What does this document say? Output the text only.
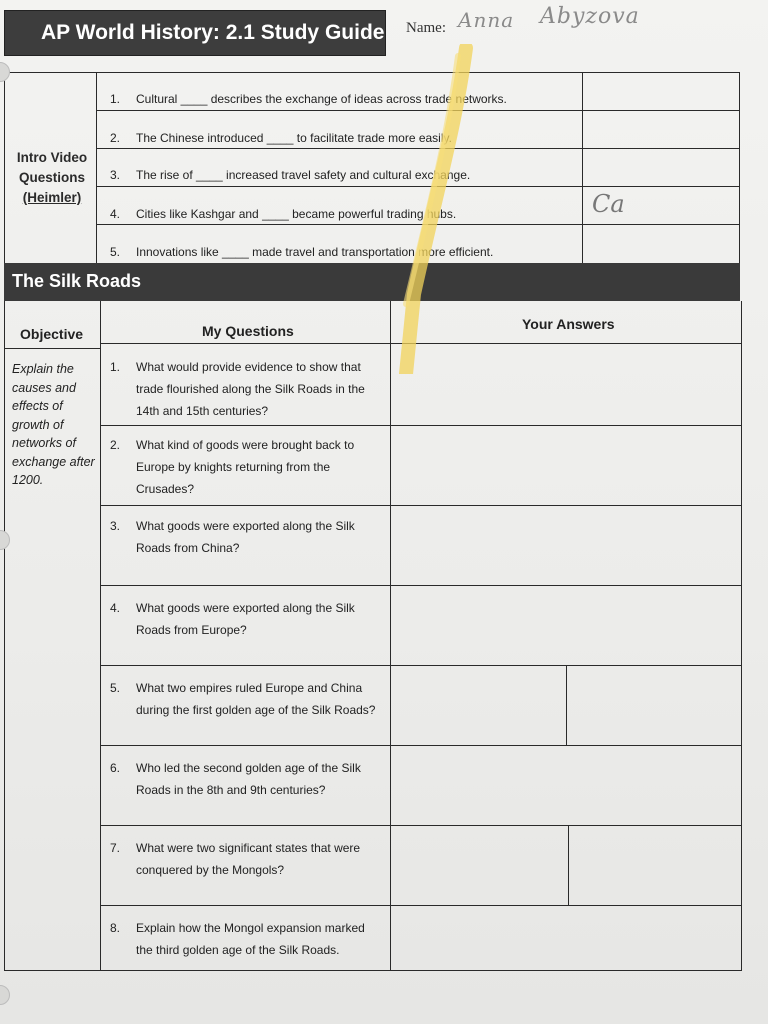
AP World History: 2.1 Study Guide Name: Anna Abyzova
Intro Video
Questions
(Heimler)
1. Cultural ____ describes the exchange of ideas across trade networks.
2. The Chinese introduced ____ to facilitate trade more easily.
3. The rise of ____ increased travel safety and cultural exchange.
4. Cities like Kashgar and ____ became powerful trading hubs.
5. Innovations like ____ made travel and transportation more efficient.
Ca
The Silk Roads
Objective	My Questions	Your Answers
Explain the causes and effects of growth of networks of exchange after 1200.
1. What would provide evidence to show that
trade flourished along the Silk Roads in the
14th and 15th centuries?
2. What kind of goods were brought back to
Europe by knights returning from the
Crusades?
3. What goods were exported along the Silk
Roads from China?
4. What goods were exported along the Silk
Roads from Europe?
5. What two empires ruled Europe and China
during the first golden age of the Silk Roads?
6. Who led the second golden age of the Silk
Roads in the 8th and 9th centuries?
7. What were two significant states that were
conquered by the Mongols?
8. Explain how the Mongol expansion marked
the third golden age of the Silk Roads.
